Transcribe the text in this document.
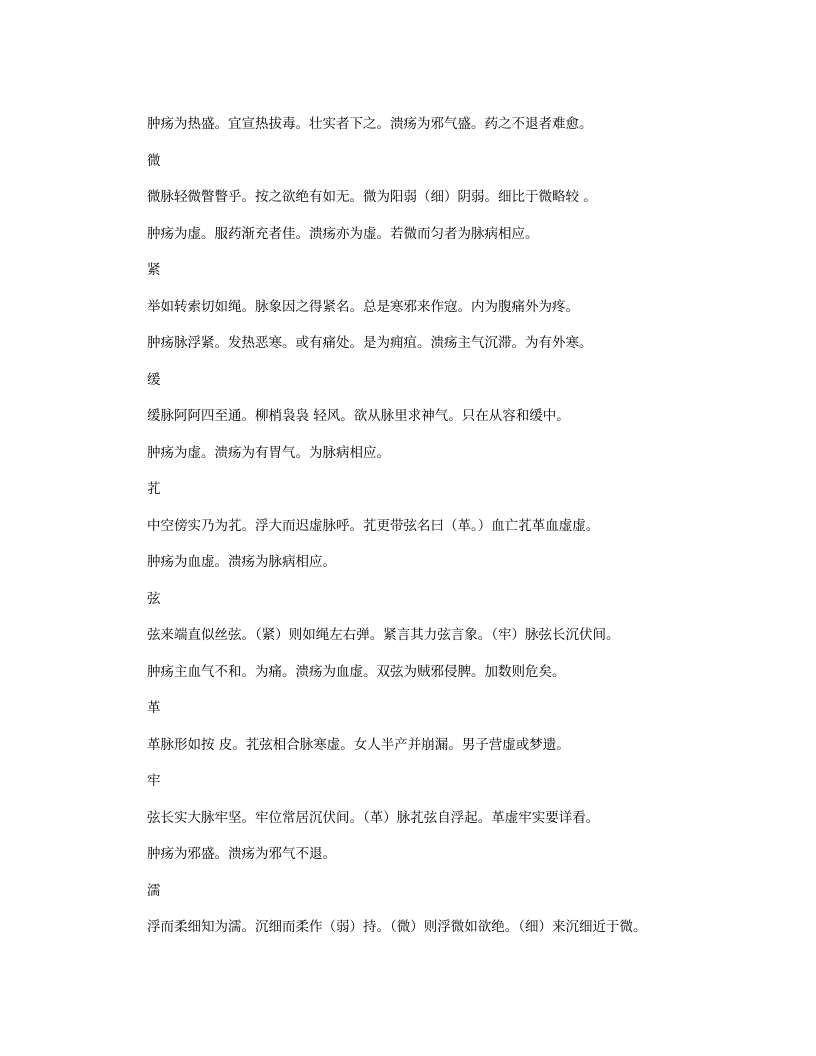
肿疡为热盛。宜宣热拔毒。壮实者下之。溃疡为邪气盛。药之不退者难愈。

微

微脉轻微瞥瞥乎。按之欲绝有如无。微为阳弱（细）阴弱。细比于微略较 。

肿疡为虚。服药渐充者佳。溃疡亦为虚。若微而匀者为脉病相应。

紧

举如转索切如绳。脉象因之得紧名。总是寒邪来作寇。内为腹痛外为疼。

肿疡脉浮紧。发热恶寒。或有痛处。是为痈疽。溃疡主气沉滞。为有外寒。

缓

缓脉阿阿四至通。柳梢袅袅 轻风。欲从脉里求神气。只在从容和缓中。

肿疡为虚。溃疡为有胃气。为脉病相应。

芤

中空傍实乃为芤。浮大而迟虚脉呼。芤更带弦名曰（革。）血亡芤革血虚虚。

肿疡为血虚。溃疡为脉病相应。

弦

弦来端直似丝弦。（紧）则如绳左右弹。紧言其力弦言象。（牢）脉弦长沉伏间。

肿疡主血气不和。为痛。溃疡为血虚。双弦为贼邪侵脾。加数则危矣。

革

革脉形如按 皮。芤弦相合脉寒虚。女人半产并崩漏。男子营虚或梦遗。

牢

弦长实大脉牢坚。牢位常居沉伏间。（革）脉芤弦自浮起。革虚牢实要详看。

肿疡为邪盛。溃疡为邪气不退。

濡

浮而柔细知为濡。沉细而柔作（弱）持。（微）则浮微如欲绝。（细）来沉细近于微。
